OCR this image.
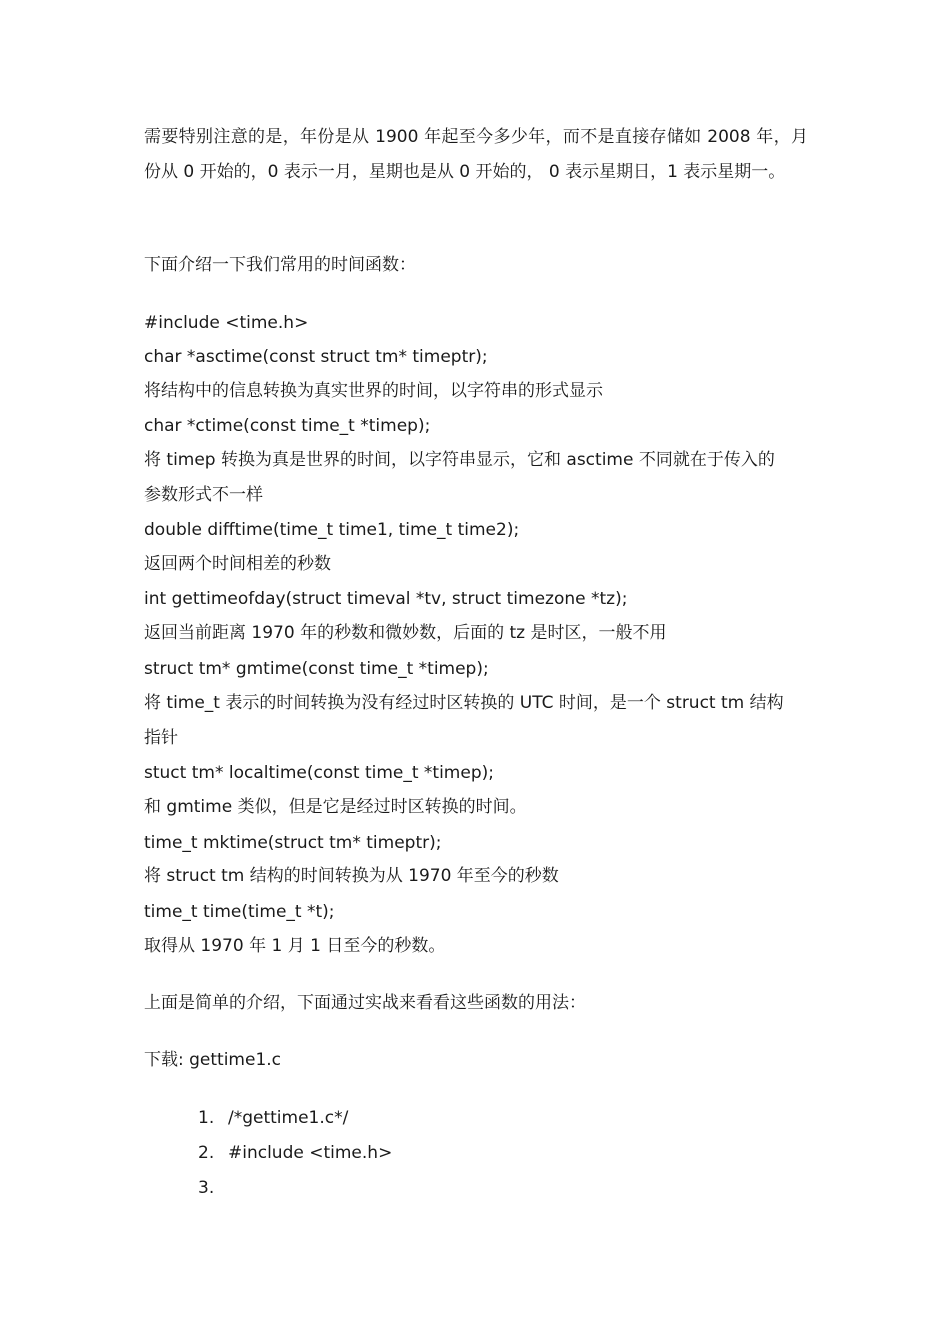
需要特别注意的是，年份是从 1900 年起至今多少年，而不是直接存储如 2008 年，月份从 0 开始的，0 表示一月，星期也是从 0 开始的， 0 表示星期日，1 表示星期一。
下面介绍一下我们常用的时间函数：
#include <time.h>
char *asctime(const struct tm* timeptr);
将结构中的信息转换为真实世界的时间，以字符串的形式显示
char *ctime(const time_t *timep);
将 timep 转换为真是世界的时间，以字符串显示，它和 asctime 不同就在于传入的
参数形式不一样
double difftime(time_t time1, time_t time2);
返回两个时间相差的秒数
int gettimeofday(struct timeval *tv, struct timezone *tz);
返回当前距离 1970 年的秒数和微妙数，后面的 tz 是时区，一般不用
struct tm* gmtime(const time_t *timep);
将 time_t 表示的时间转换为没有经过时区转换的 UTC 时间，是一个 struct tm 结构
指针
stuct tm* localtime(const time_t *timep);
和 gmtime 类似，但是它是经过时区转换的时间。
time_t mktime(struct tm* timeptr);
将 struct tm 结构的时间转换为从 1970 年至今的秒数
time_t time(time_t *t);
取得从 1970 年 1 月 1 日至今的秒数。
上面是简单的介绍，下面通过实战来看看这些函数的用法：
下载: gettime1.c
1. /*gettime1.c*/
2. #include <time.h>
3.
